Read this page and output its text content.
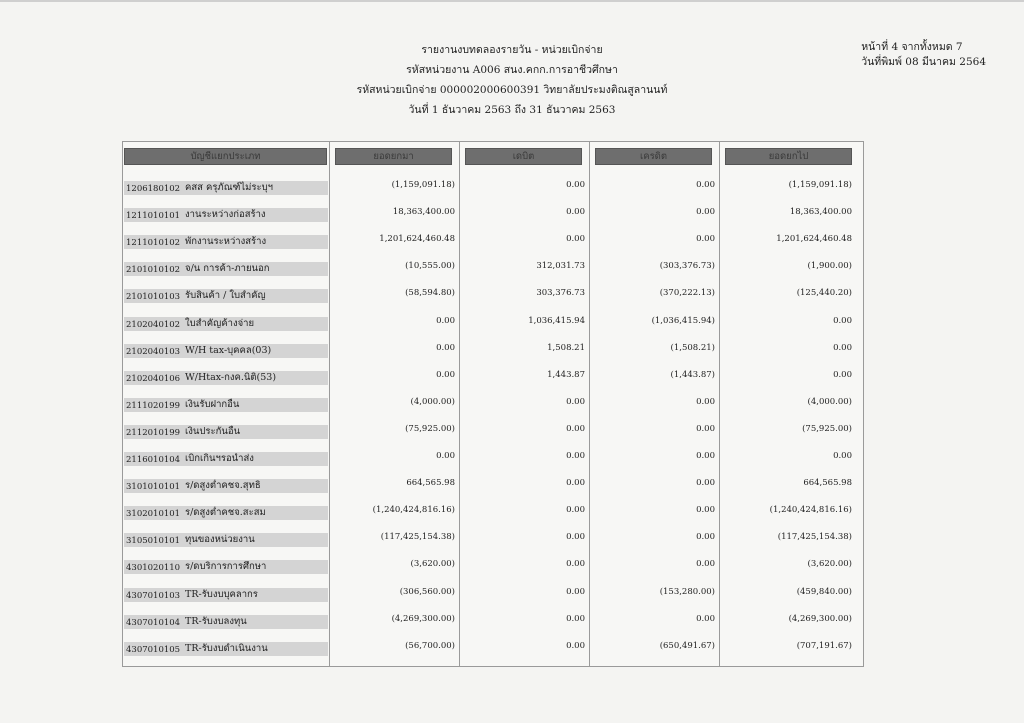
รายงานงบทดลองรายวัน - หน่วยเบิกจ่าย
รหัสหน่วยงาน A006 สนง.คกก.การอาชีวศึกษา
รหัสหน่วยเบิกจ่าย 000002000600391 วิทยาลัยประมงติณสูลานนท์
วันที่ 1 ธันวาคม 2563 ถึง 31 ธันวาคม 2563
หน้าที่ 4 จากทั้งหมด 7
วันที่พิมพ์ 08 มีนาคม 2564
บัญชีแยกประเภท	ยอดยกมา	เดบิต	เครดิต	ยอดยกไป
1206180102 คสส ครุภัณฑ์ไม่ระบุฯ	(1,159,091.18)	0.00	0.00	(1,159,091.18)
1211010101 งานระหว่างก่อสร้าง	18,363,400.00	0.00	0.00	18,363,400.00
1211010102 พักงานระหว่างสร้าง	1,201,624,460.48	0.00	0.00	1,201,624,460.48
2101010102 จ/น การค้า-ภายนอก	(10,555.00)	312,031.73	(303,376.73)	(1,900.00)
2101010103 รับสินค้า / ใบสำคัญ	(58,594.80)	303,376.73	(370,222.13)	(125,440.20)
2102040102 ใบสำคัญค้างจ่าย	0.00	1,036,415.94	(1,036,415.94)	0.00
2102040103 W/H tax-บุคคล(03)	0.00	1,508.21	(1,508.21)	0.00
2102040106 W/Htax-กงค.นิติ(53)	0.00	1,443.87	(1,443.87)	0.00
2111020199 เงินรับฝากอื่น	(4,000.00)	0.00	0.00	(4,000.00)
2112010199 เงินประกันอื่น	(75,925.00)	0.00	0.00	(75,925.00)
2116010104 เบิกเกินฯรอนำส่ง	0.00	0.00	0.00	0.00
3101010101 ร/ดสูงต่ำคชจ.สุทธิ	664,565.98	0.00	0.00	664,565.98
3102010101 ร/ดสูงต่ำคชจ.สะสม	(1,240,424,816.16)	0.00	0.00	(1,240,424,816.16)
3105010101 ทุนของหน่วยงาน	(117,425,154.38)	0.00	0.00	(117,425,154.38)
4301020110 ร/ดบริการการศึกษา	(3,620.00)	0.00	0.00	(3,620.00)
4307010103 TR-รับงบบุคลากร	(306,560.00)	0.00	(153,280.00)	(459,840.00)
4307010104 TR-รับงบลงทุน	(4,269,300.00)	0.00	0.00	(4,269,300.00)
4307010105 TR-รับงบดำเนินงาน	(56,700.00)	0.00	(650,491.67)	(707,191.67)
